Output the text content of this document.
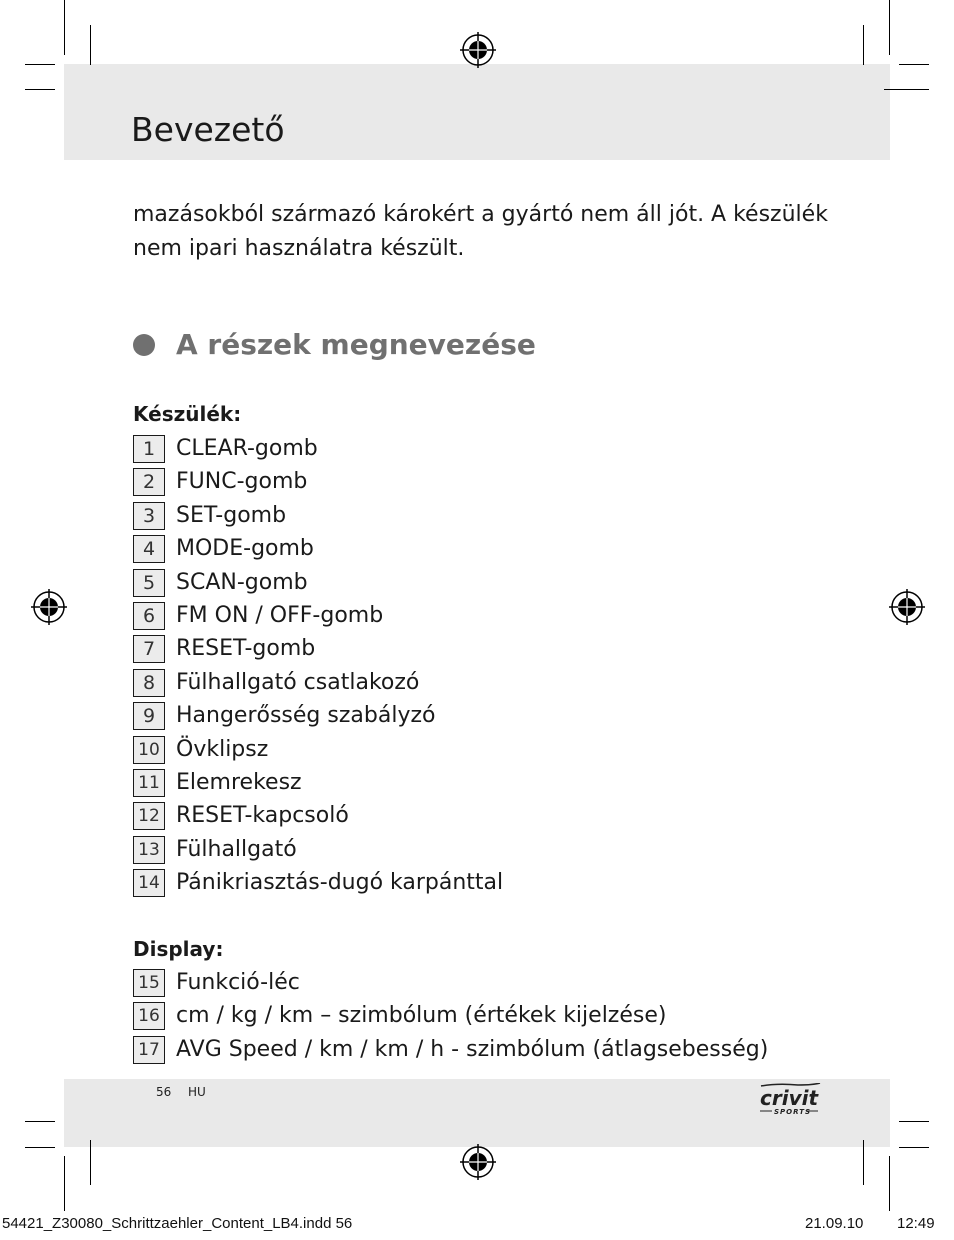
Bevezető

mazásokból származó károkért a gyártó nem áll jót. A készülék
nem ipari használatra készült.

A részek megnevezése
Készülék:
1 CLEAR-gomb
2 FUNC-gomb
3 SET-gomb
4 MODE-gomb
5 SCAN-gomb
6 FM ON / OFF-gomb
7 RESET-gomb
8 Fülhallgató csatlakozó
9 Hangerősség szabályzó
10 Övklipsz
11 Elemrekesz
12 RESET-kapcsoló
13 Fülhallgató
14 Pánikriasztás-dugó karpánttal
Display:
15 Funkció-léc
16 cm / kg / km – szimbólum (értékek kijelzése)
17 AVG Speed / km / km / h - szimbólum (átlagsebesség)
56 HU	crivit
SPORTS
54421_Z30080_Schrittzaehler_Content_LB4.indd 56	21.09.10 12:49
